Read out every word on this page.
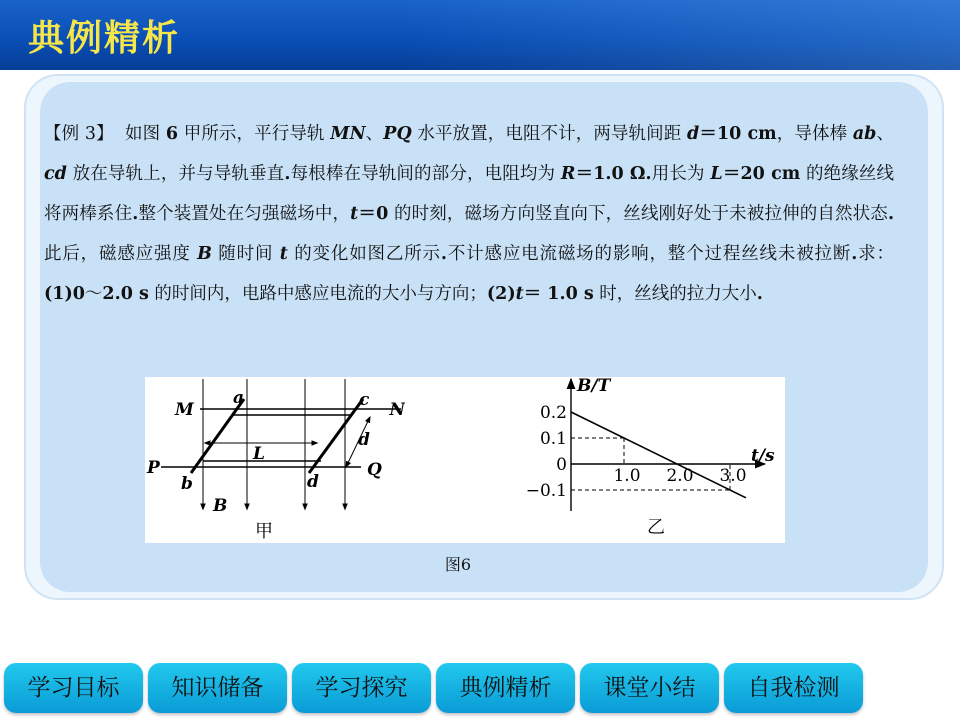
典例精析
【例 3】 如图 6 甲所示，平行导轨 MN、PQ 水平放置，电阻不计，两导轨间距 d＝10 cm，导体棒 ab、cd 放在导轨上，并与导轨垂直.每根棒在导轨间的部分，电阻均为 R＝1.0 Ω.用长为 L＝20 cm 的绝缘丝线将两棒系住.整个装置处在匀强磁场中，t＝0 的时刻，磁场方向竖直向下，丝线刚好处于未被拉伸的自然状态.此后，磁感应强度 B 随时间 t 的变化如图乙所示.不计感应电流磁场的影响，整个过程丝线未被拉断.求：(1)0～2.0 s 的时间内，电路中感应电流的大小与方向；(2)t＝ 1.0 s 时，丝线的拉力大小.
M	N
P	Q
a	c
b	d
d
L
B
甲
B/T
t/s
0.2
0.1
0
−0.1
1.0 2.0 3.0
乙
图6
学习目标	知识储备	学习探究	典例精析	课堂小结	自我检测
